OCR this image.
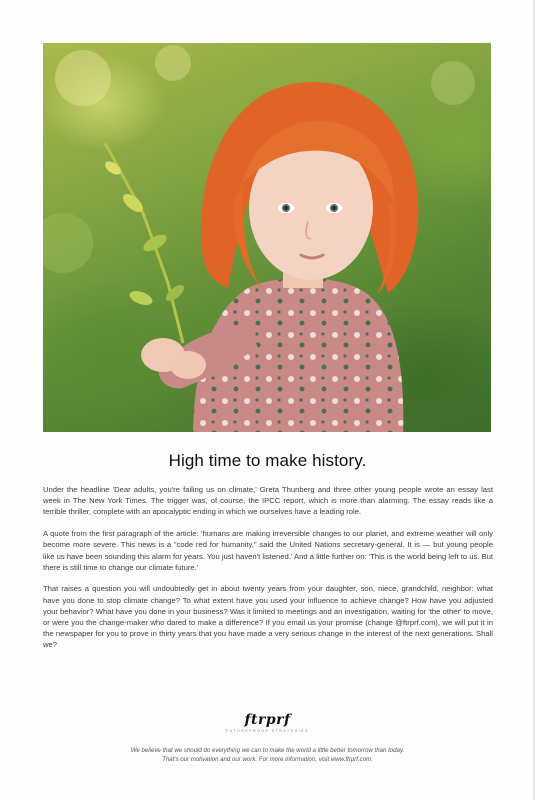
High time to make history.

Under the headline 'Dear adults, you're failing us on climate,' Greta Thunberg and three other young people wrote an essay last week in The New York Times. The trigger was, of course, the IPCC report, which is more than alarming. The essay reads like a terrible thriller, complete with an apocalyptic ending in which we ourselves have a leading role.

A quote from the first paragraph of the article: 'humans are making irreversible changes to our planet, and extreme weather will only become more severe. This news is a "code red for humanity," said the United Nations secretary-general. It is — but young people like us have been sounding this alarm for years. You just haven't listened.' And a little further on: 'This is the world being left to us. But there is still time to change our climate future.'

That raises a question you will undoubtedly get in about twenty years from your daughter, son, niece, grandchild, neighbor: what have you done to stop climate change? To what extent have you used your influence to achieve change? How have you adjusted your behavior? What have you done in your business? Was it limited to meetings and an investigation, waiting for 'the other' to move, or were you the change-maker who dared to make a difference? If you email us your promise (change @ftrprf.com), we will put it in the newspaper for you to prove in thirty years that you have made a very serious change in the interest of the next generations. Shall we?

ftrprf
FUTUREPROOF STRATEGIES
We believe that we should do everything we can to make the world a little better tomorrow than today.
That's our motivation and our work. For more information, visit www.ftrprf.com.
